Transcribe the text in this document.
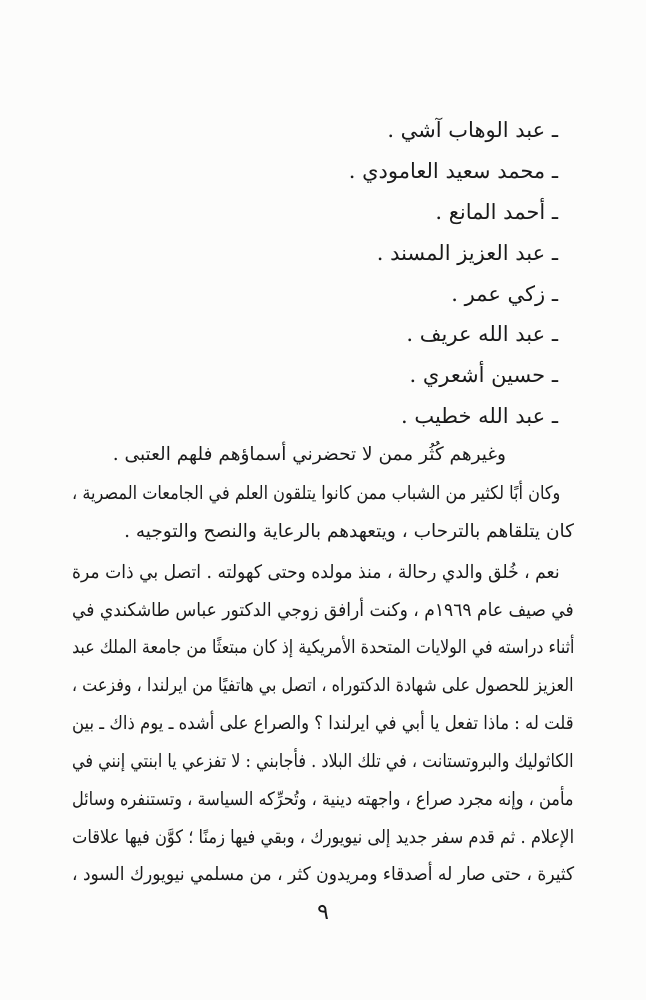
ـ عبد الوهاب آشي .
ـ محمد سعيد العامودي .
ـ أحمد المانع .
ـ عبد العزيز المسند .
ـ زكي عمر .
ـ عبد الله عريف .
ـ حسين أشعري .
ـ عبد الله خطيب .
وغيرهم كُثُر ممن لا تحضرني أسماؤهم فلهم العتبى .
وكان أبًا لكثير من الشباب ممن كانوا يتلقون العلم في الجامعات المصرية ،
كان يتلقاهم بالترحاب ، ويتعهدهم بالرعاية والنصح والتوجيه .
نعم ، خُلق والدي رحالة ، منذ مولده وحتى كهولته . اتصل بي ذات مرة
في صيف عام ١٩٦٩م ، وكنت أرافق زوجي الدكتور عباس طاشكندي في
أثناء دراسته في الولايات المتحدة الأمريكية إذ كان مبتعثًا من جامعة الملك عبد
العزيز للحصول على شهادة الدكتوراه ، اتصل بي هاتفيًا من ايرلندا ، وفزعت ،
قلت له : ماذا تفعل يا أبي في ايرلندا ؟ والصراع على أشده ـ يوم ذاك ـ بين
الكاثوليك والبروتستانت ، في تلك البلاد . فأجابني : لا تفزعي يا ابنتي إنني في
مأمن ، وإنه مجرد صراع ، واجهته دينية ، وتُحرِّكه السياسة ، وتستنفره وسائل
الإعلام . ثم قدم سفر جديد إلى نيويورك ، وبقي فيها زمنًا ؛ كوَّن فيها علاقات
كثيرة ، حتى صار له أصدقاء ومريدون كثر ، من مسلمي نيويورك السود ،
٩
